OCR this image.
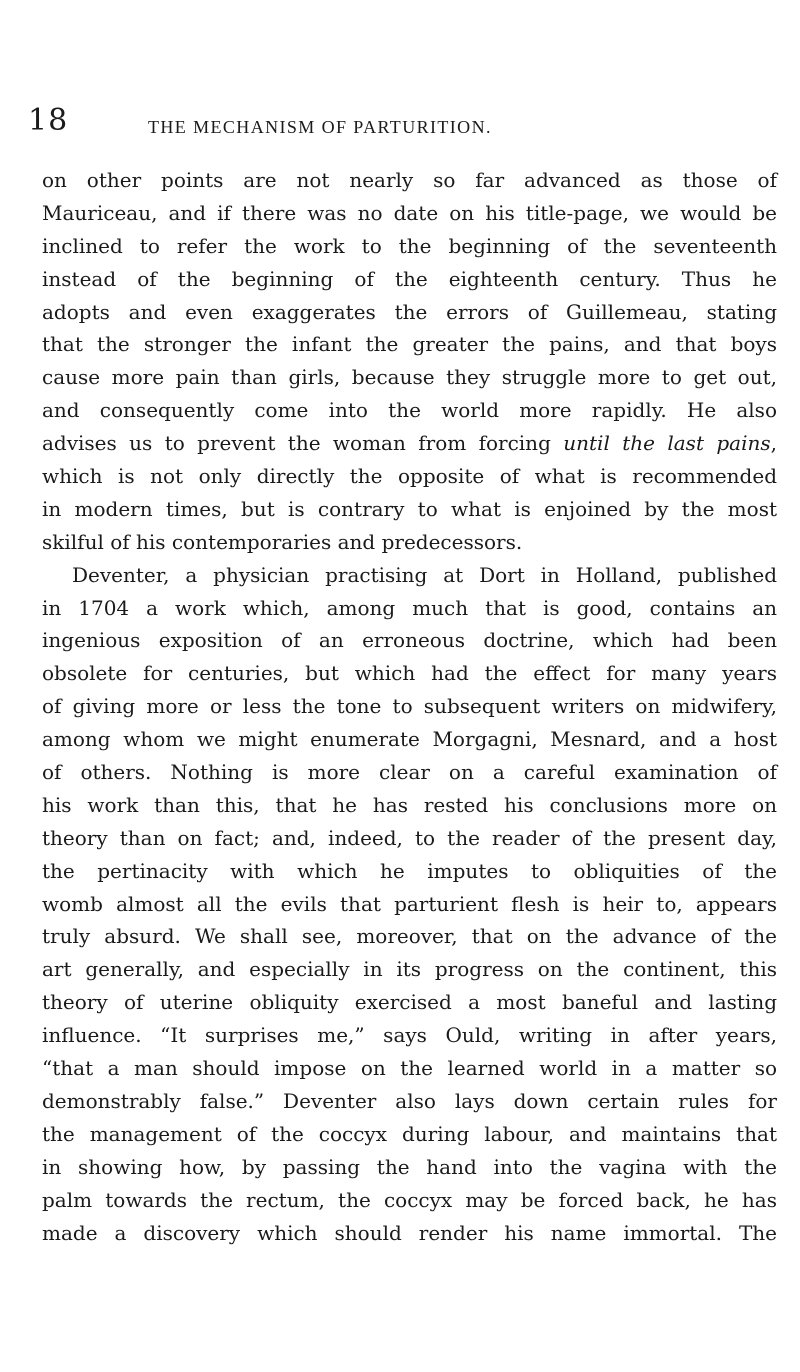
18	THE MECHANISM OF PARTURITION.
on other points are not nearly so far advanced as those of
Mauriceau, and if there was no date on his title-page, we would be
inclined to refer the work to the beginning of the seventeenth
instead of the beginning of the eighteenth century. Thus he
adopts and even exaggerates the errors of Guillemeau, stating
that the stronger the infant the greater the pains, and that boys
cause more pain than girls, because they struggle more to get out,
and consequently come into the world more rapidly. He also
advises us to prevent the woman from forcing until the last pains,
which is not only directly the opposite of what is recommended
in modern times, but is contrary to what is enjoined by the most
skilful of his contemporaries and predecessors.
Deventer, a physician practising at Dort in Holland, published
in 1704 a work which, among much that is good, contains an
ingenious exposition of an erroneous doctrine, which had been
obsolete for centuries, but which had the effect for many years
of giving more or less the tone to subsequent writers on midwifery,
among whom we might enumerate Morgagni, Mesnard, and a host
of others. Nothing is more clear on a careful examination of
his work than this, that he has rested his conclusions more on
theory than on fact; and, indeed, to the reader of the present day,
the pertinacity with which he imputes to obliquities of the
womb almost all the evils that parturient flesh is heir to, appears
truly absurd. We shall see, moreover, that on the advance of the
art generally, and especially in its progress on the continent, this
theory of uterine obliquity exercised a most baneful and lasting
influence. “It surprises me,” says Ould, writing in after years,
“that a man should impose on the learned world in a matter so
demonstrably false.” Deventer also lays down certain rules for
the management of the coccyx during labour, and maintains that
in showing how, by passing the hand into the vagina with the
palm towards the rectum, the coccyx may be forced back, he has
made a discovery which should render his name immortal. The
